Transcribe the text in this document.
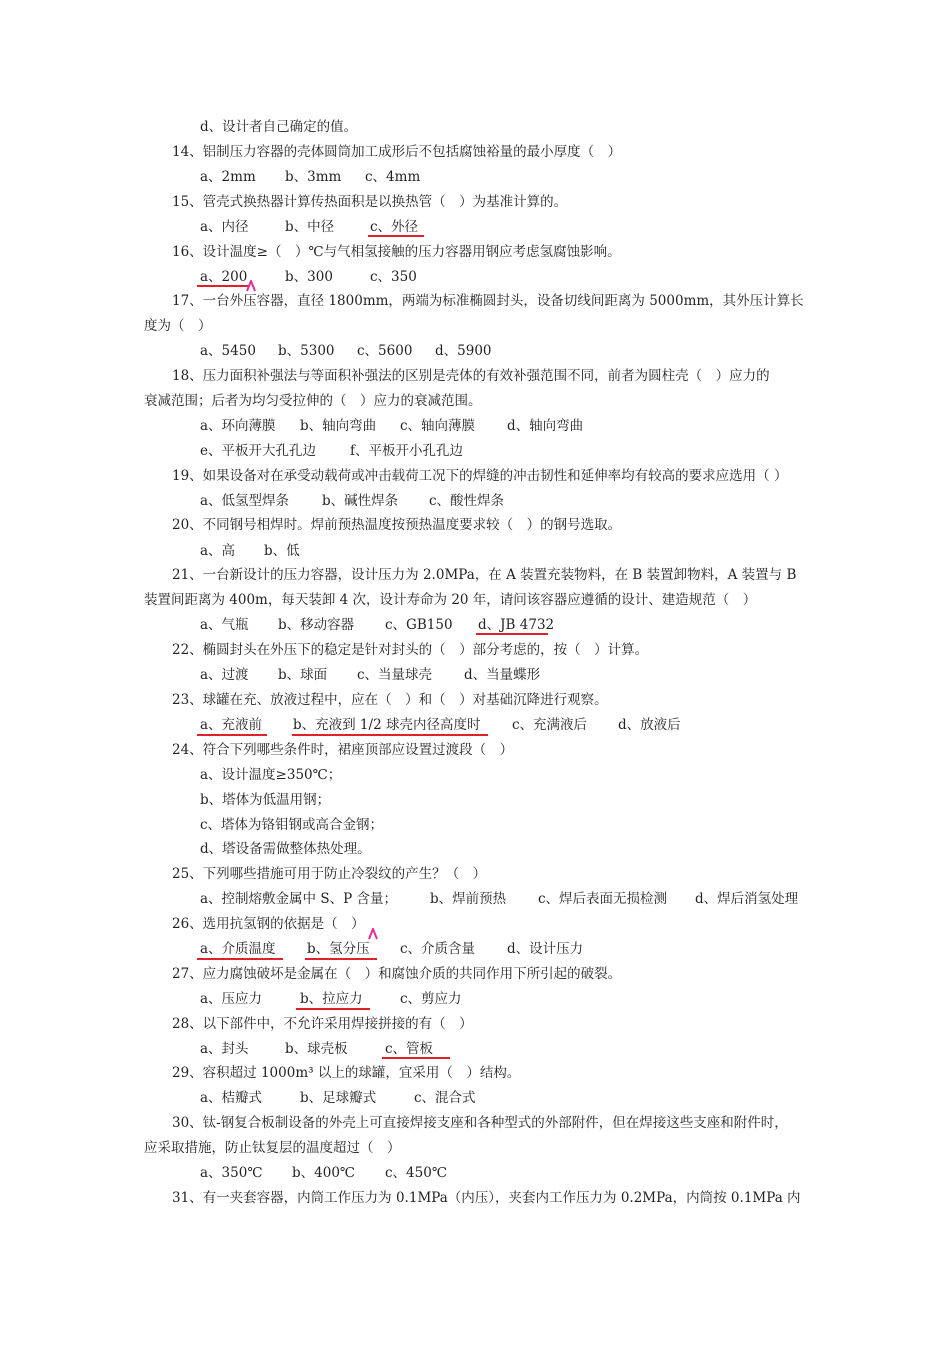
d、设计者自己确定的值。
14、铝制压力容器的壳体圆筒加工成形后不包括腐蚀裕量的最小厚度（　）
a、2mm b、3mm c、4mm
15、管壳式换热器计算传热面积是以换热管（　）为基准计算的。
a、内径	b、中径	c、外径
16、设计温度≥（　）℃与气相氢接触的压力容器用钢应考虑氢腐蚀影响。
a、200	b、300	c、350
17、一台外压容器，直径 1800mm，两端为标准椭圆封头，设备切线间距离为 5000mm，其外压计算长
度为（　）
a、5450 b、5300 c、5600 d、5900
18、压力面积补强法与等面积补强法的区别是壳体的有效补强范围不同，前者为圆柱壳（　）应力的
衰减范围；后者为均匀受拉伸的（　）应力的衰减范围。
a、环向薄膜 b、轴向弯曲 c、轴向薄膜 d、轴向弯曲
e、平板开大孔孔边	f、平板开小孔孔边
19、如果设备对在承受动载荷或冲击载荷工况下的焊缝的冲击韧性和延伸率均有较高的要求应选用（ ）
a、低氢型焊条 b、碱性焊条 c、酸性焊条
20、不同钢号相焊时。焊前预热温度按预热温度要求较（　）的钢号选取。
a、高 b、低
21、一台新设计的压力容器，设计压力为 2.0MPa，在 A 装置充装物料，在 B 装置卸物料，A 装置与 B
装置间距离为 400m，每天装卸 4 次，设计寿命为 20 年，请问该容器应遵循的设计、建造规范（　）
a、气瓶 b、移动容器 c、GB150 d、JB 4732
22、椭圆封头在外压下的稳定是针对封头的（　）部分考虑的，按（　）计算。
a、过渡 b、球面 c、当量球壳 d、当量蝶形
23、球罐在充、放液过程中，应在（　）和（　）对基础沉降进行观察。
a、充液前 b、充液到 1/2 球壳内径高度时 c、充满液后 d、放液后
24、符合下列哪些条件时，裙座顶部应设置过渡段（　）
a、设计温度≥350℃；
b、塔体为低温用钢；
c、塔体为铬钼钢或高合金钢；
d、塔设备需做整体热处理。
25、下列哪些措施可用于防止冷裂纹的产生？（　）
a、控制熔敷金属中 S、P 含量； b、焊前预热 c、焊后表面无损检测 d、焊后消氢处理
26、选用抗氢钢的依据是（　）
a、介质温度 b、氢分压 c、介质含量 d、设计压力
27、应力腐蚀破坏是金属在（　）和腐蚀介质的共同作用下所引起的破裂。
a、压应力	b、拉应力	c、剪应力
28、以下部件中，不允许采用焊接拼接的有（　）
a、封头	b、球壳板	c、管板
29、容积超过 1000m³ 以上的球罐，宜采用（　）结构。
a、桔瓣式	b、足球瓣式	c、混合式
30、钛-钢复合板制设备的外壳上可直接焊接支座和各种型式的外部附件，但在焊接这些支座和附件时，
应采取措施，防止钛复层的温度超过（　）
a、350℃ b、400℃ c、450℃
31、有一夹套容器，内筒工作压力为 0.1MPa（内压），夹套内工作压力为 0.2MPa，内筒按 0.1MPa 内
